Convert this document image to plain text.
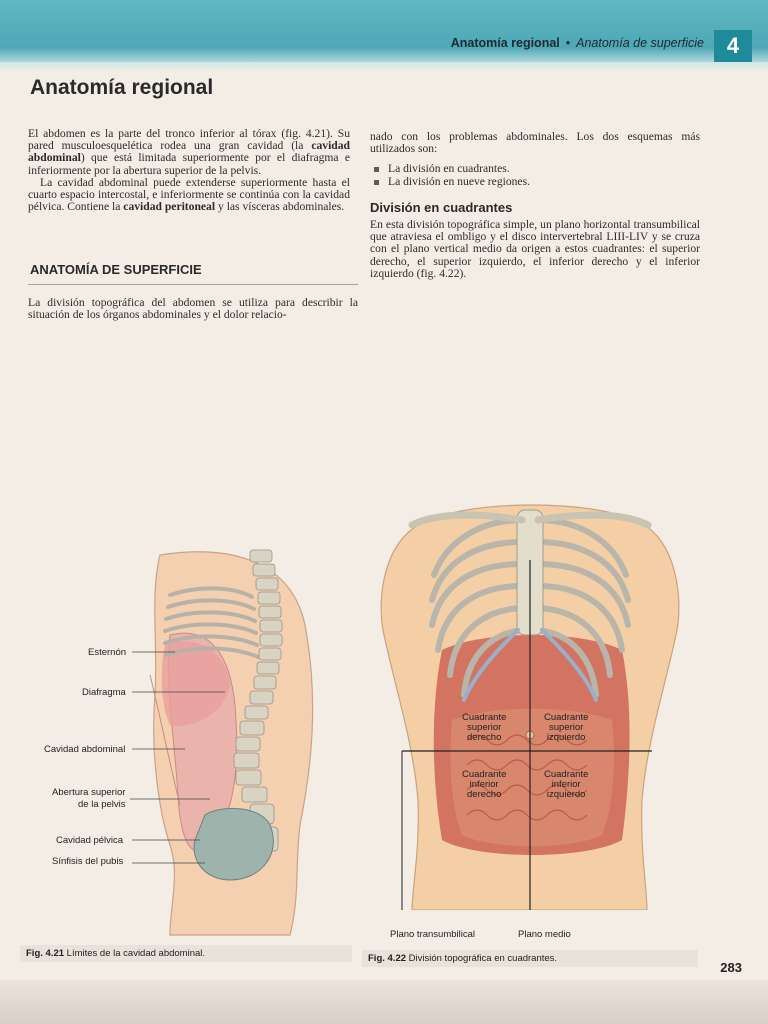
Anatomía regional • Anatomía de superficie	4
Anatomía regional

El abdomen es la parte del tronco inferior al tórax (fig. 4.21). Su pared musculoesquelética rodea una gran cavidad (la cavidad abdominal) que está limitada superiormente por el diafragma e inferiormente por la abertura superior de la pelvis.

La cavidad abdominal puede extenderse superiormente hasta el cuarto espacio intercostal, e inferiormente se continúa con la cavidad pélvica. Contiene la cavidad peritoneal y las vísceras abdominales.

ANATOMÍA DE SUPERFICIE

La división topográfica del abdomen se utiliza para describir la situación de los órganos abdominales y el dolor relacio-

nado con los problemas abdominales. Los dos esquemas más utilizados son:

La división en cuadrantes.
La división en nueve regiones.
División en cuadrantes

En esta división topográfica simple, un plano horizontal transumbilical que atraviesa el ombligo y el disco intervertebral LIII-LIV y se cruza con el plano vertical medio da origen a estos cuadrantes: el superior derecho, el superior izquierdo, el inferior derecho y el inferior izquierdo (fig. 4.22).

Esternón
Diafragma
Cavidad abdominal
Abertura superior
de la pelvis
Cavidad pélvica
Sínfisis del pubis
Fig. 4.21 Límites de la cavidad abdominal.
Cuadrante
superior
derecho
Cuadrante
superior
izquierdo
Cuadrante
inferior
derecho
Cuadrante
inferior
izquierdo
Plano transumbilical	Plano medio
Fig. 4.22 División topográfica en cuadrantes.
283
